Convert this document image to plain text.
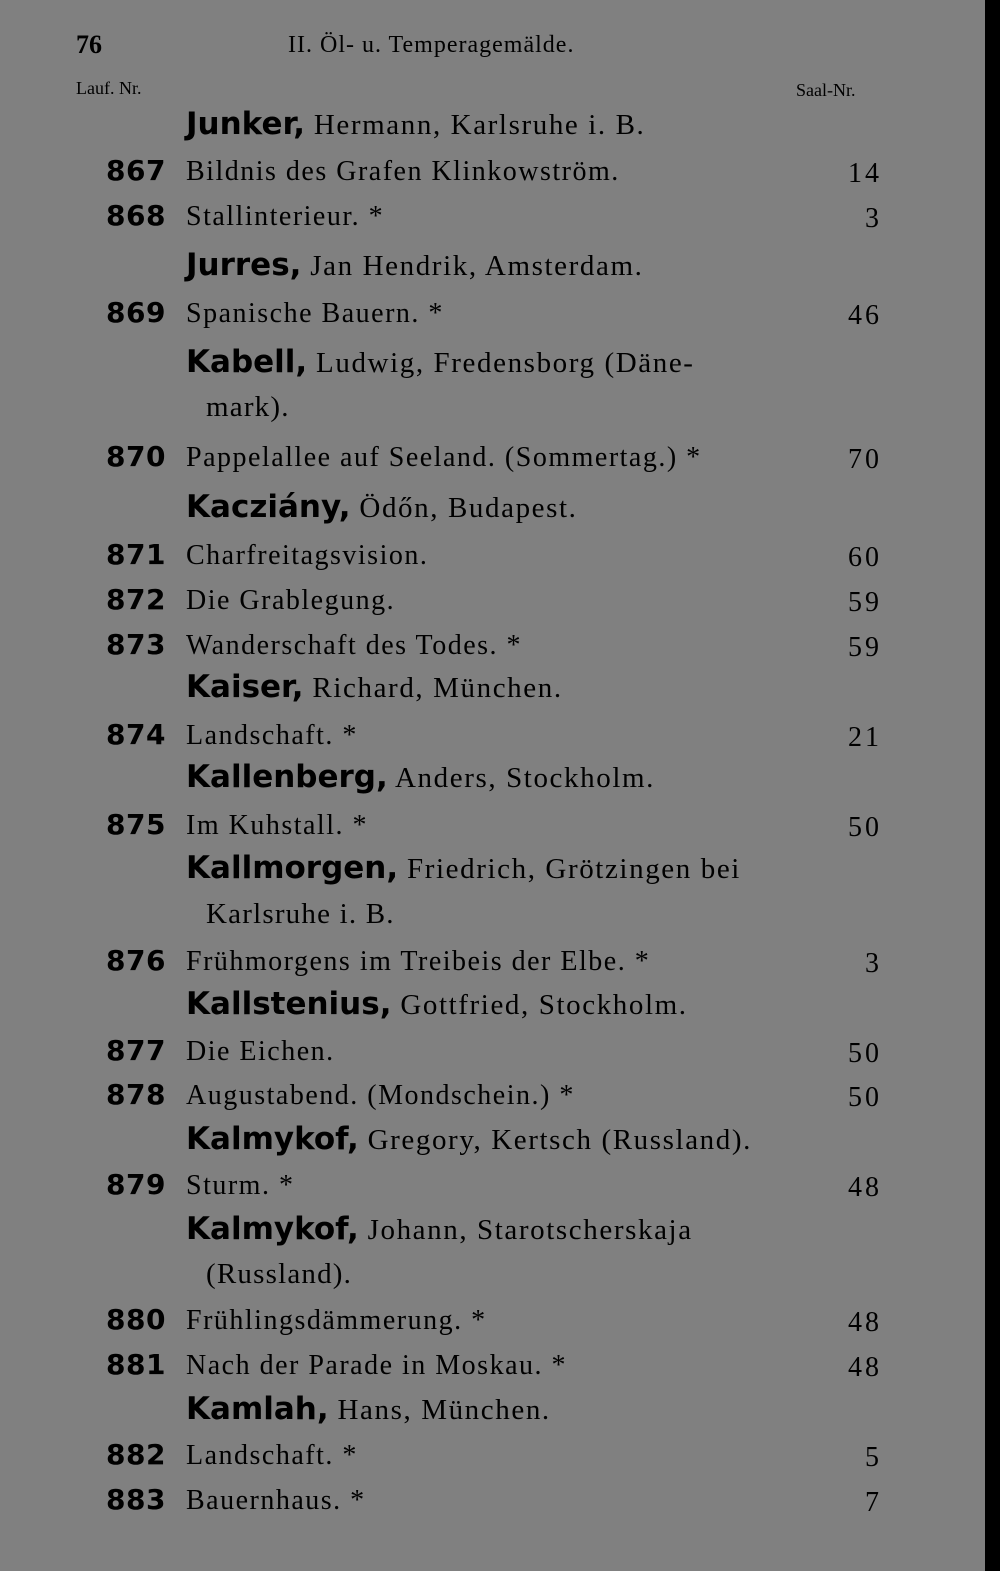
76	II. Öl- u. Temperagemälde.
Lauf. Nr.	Saal-Nr.
Junker, Hermann, Karlsruhe i. B.
867 Bildnis des Grafen Klinkowström.	14
868 Stallinterieur. *	3
Jurres, Jan Hendrik, Amsterdam.
869 Spanische Bauern. *	46
Kabell, Ludwig, Fredensborg (Däne-
mark).
870 Pappelallee auf Seeland. (Sommertag.) *	70
Kacziány, Ödőn, Budapest.
871 Charfreitagsvision.	60
872 Die Grablegung.	59
873 Wanderschaft des Todes. *	59
Kaiser, Richard, München.
874 Landschaft. *	21
Kallenberg, Anders, Stockholm.
875 Im Kuhstall. *	50
Kallmorgen, Friedrich, Grötzingen bei
Karlsruhe i. B.
876 Frühmorgens im Treibeis der Elbe. *	3
Kallstenius, Gottfried, Stockholm.
877 Die Eichen.	50
878 Augustabend. (Mondschein.) *	50
Kalmykof, Gregory, Kertsch (Russland).
879 Sturm. *	48
Kalmykof, Johann, Starotscherskaja
(Russland).
880 Frühlingsdämmerung. *	48
881 Nach der Parade in Moskau. *	48
Kamlah, Hans, München.
882 Landschaft. *	5
883 Bauernhaus. *	7
